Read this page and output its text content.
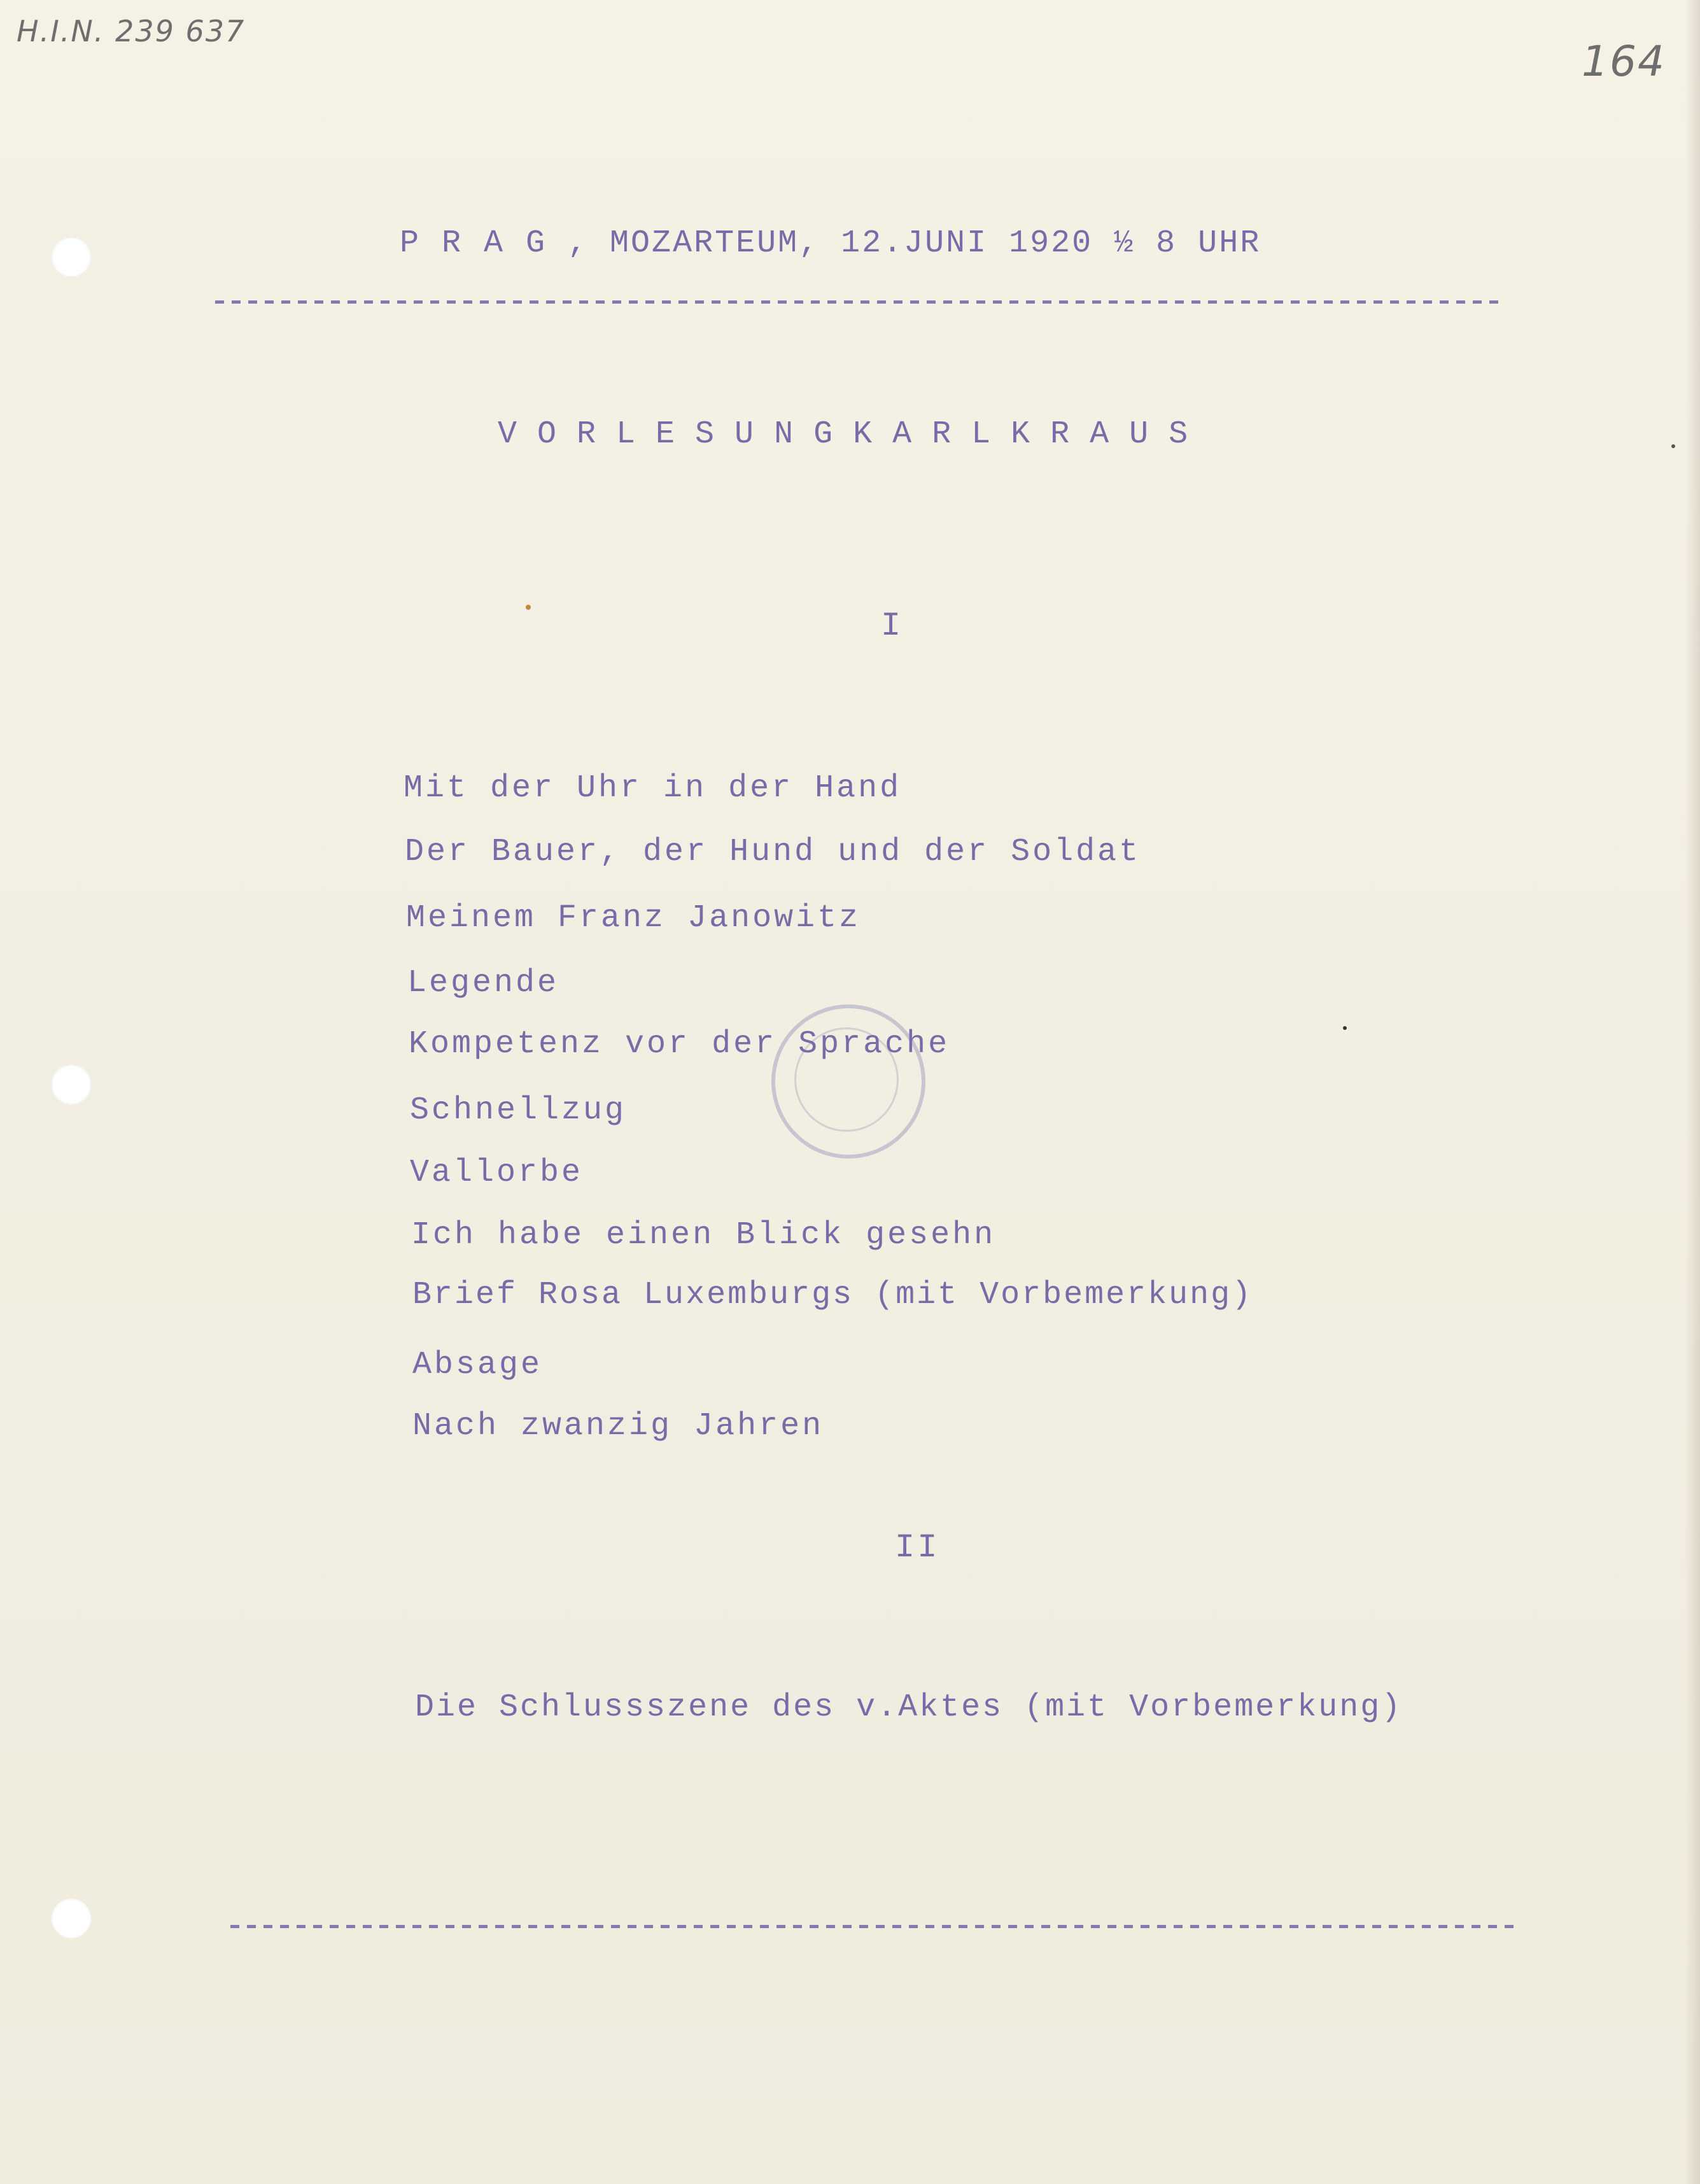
H.I.N. 239 637
164
P R A G , MOZARTEUM, 12.JUNI 1920 ½ 8 UHR
V O R L E S U N G K A R L K R A U S
I
Mit der Uhr in der Hand
Der Bauer, der Hund und der Soldat
Meinem Franz Janowitz
Legende
Kompetenz vor der Sprache
Schnellzug
Vallorbe
Ich habe einen Blick gesehn
Brief Rosa Luxemburgs (mit Vorbemerkung)
Absage
Nach zwanzig Jahren
II
Die Schlussszene des v.Aktes (mit Vorbemerkung)
